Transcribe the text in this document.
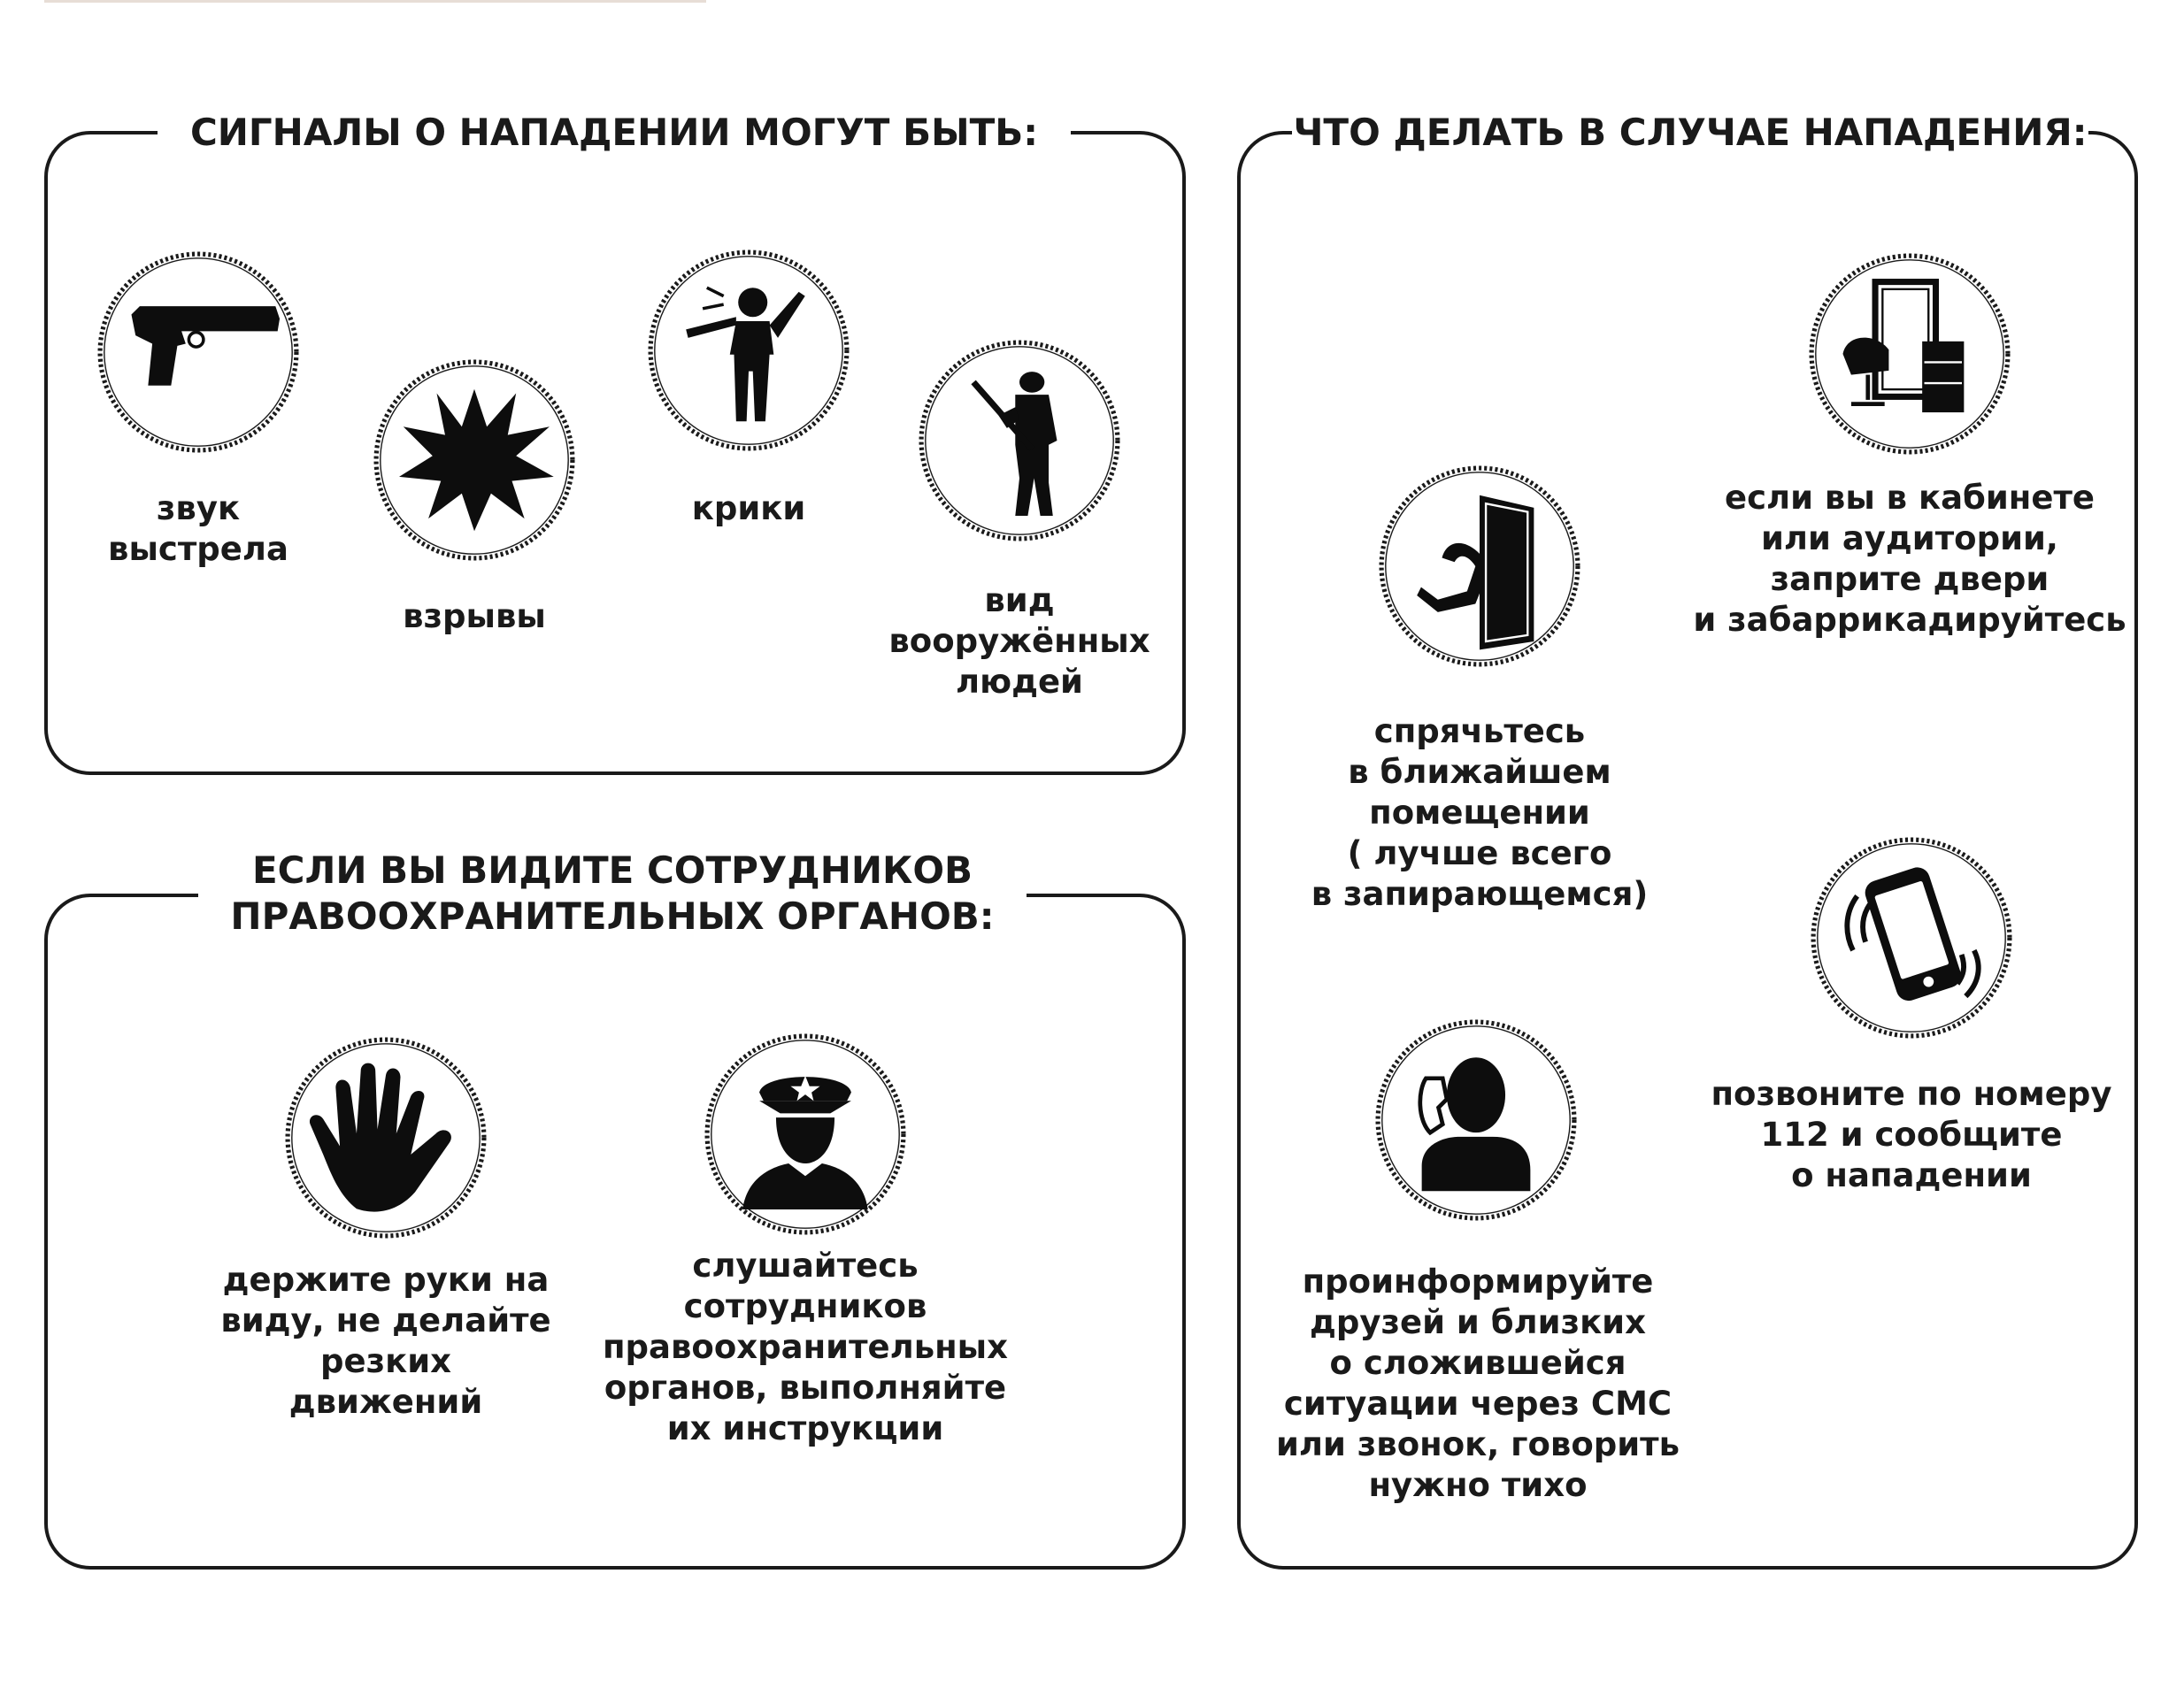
СИГНАЛЫ О НАПАДЕНИИ МОГУТ БЫТЬ:
звук
выстрела
взрывы
крики
вид
вооружённых
людей
ЕСЛИ ВЫ ВИДИТЕ СОТРУДНИКОВ
ПРАВООХРАНИТЕЛЬНЫХ ОРГАНОВ:
держите руки на
виду, не делайте
резких движений
слушайтесь
сотрудников
правоохранительных
органов, выполняйте
их инструкции
ЧТО ДЕЛАТЬ В СЛУЧАЕ НАПАДЕНИЯ:
если вы в кабинете
или аудитории,
заприте двери
и забаррикадируйтесь
спрячьтесь
в ближайшем
помещении
( лучше всего
в запирающемся)
позвоните по номеру
112 и сообщите
о нападении
проинформируйте
друзей и близких
о сложившейся
ситуации через СМС
или звонок, говорить
нужно тихо
